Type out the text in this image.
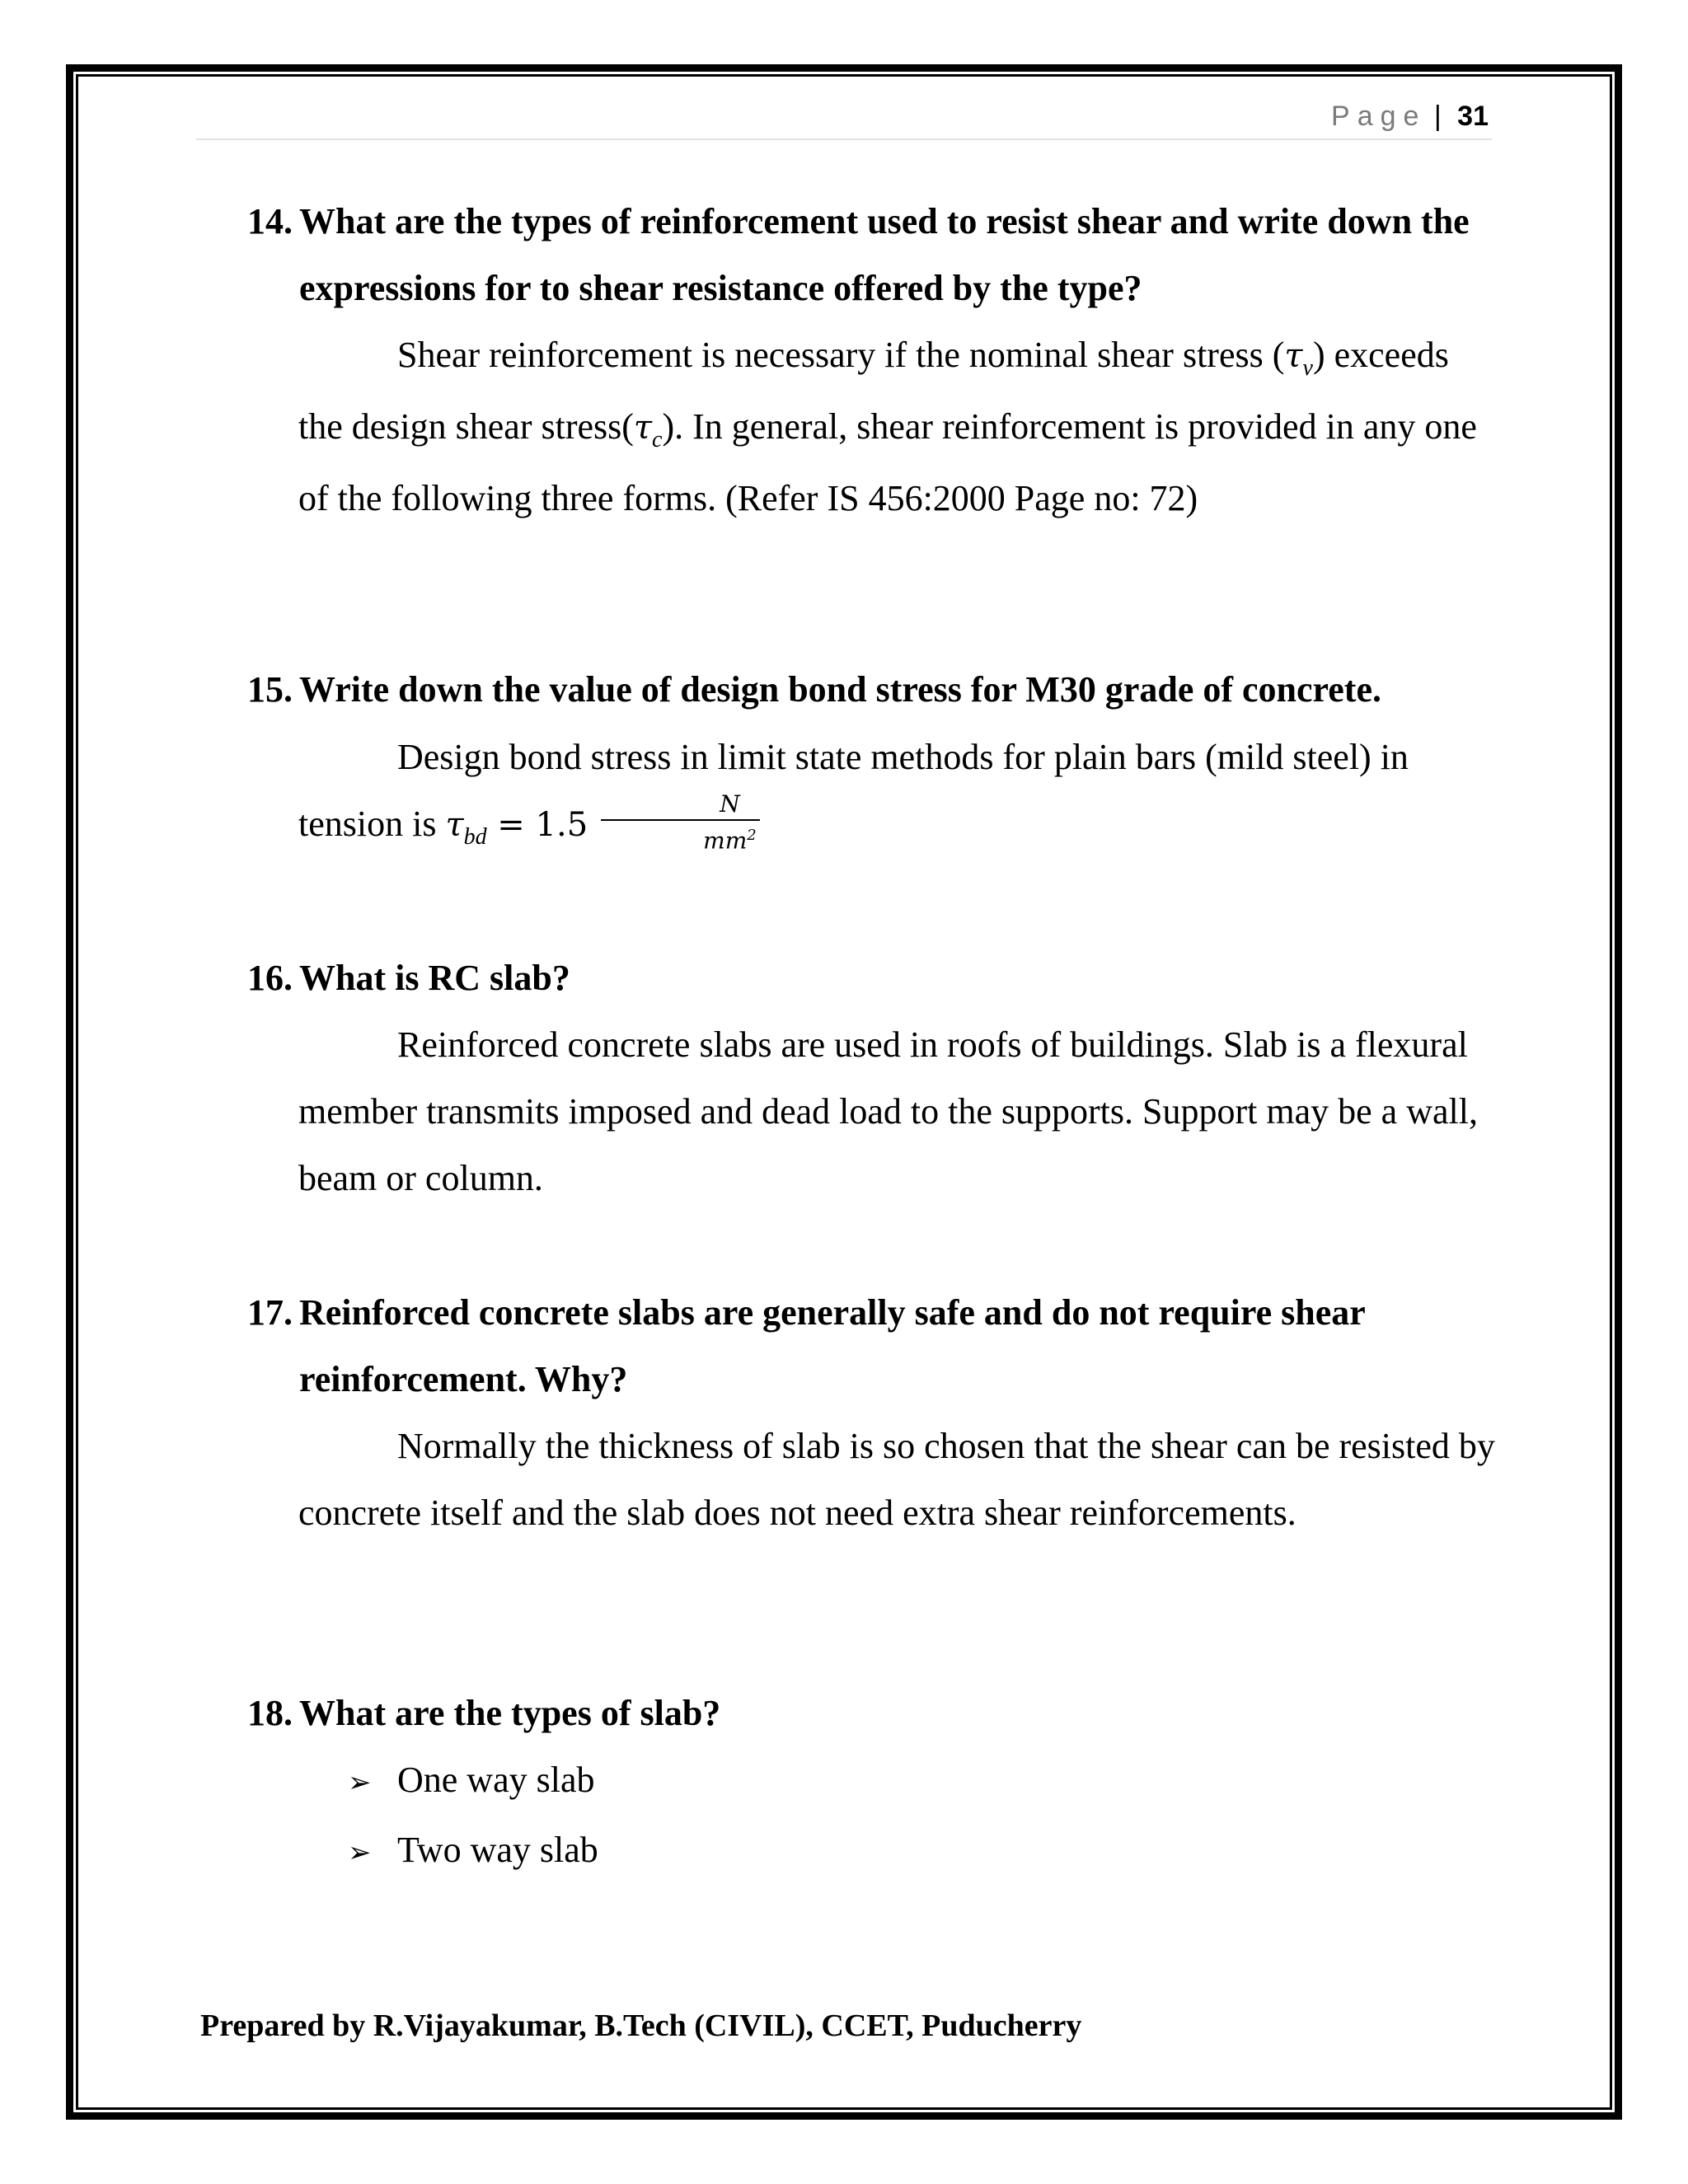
Page | 31
14. What are the types of reinforcement used to resist shear and write down the expressions for to shear resistance offered by the type?
Shear reinforcement is necessary if the nominal shear stress $(\tau_v)$ exceeds the design shear $stress(\tau_c)$. In general, shear reinforcement is provided in any one of the following three forms. (Refer IS 456:2000 Page no: 72)
15. Write down the value of design bond stress for M30 grade of concrete.
Design bond stress in limit state methods for plain bars (mild steel) in tension is $\tau_{bd} = 1.5 \frac{N}{mm^2}$
16. What is RC slab?
Reinforced concrete slabs are used in roofs of buildings. Slab is a flexural member transmits imposed and dead load to the supports. Support may be a wall, beam or column.
17. Reinforced concrete slabs are generally safe and do not require shear reinforcement. Why?
Normally the thickness of slab is so chosen that the shear can be resisted by concrete itself and the slab does not need extra shear reinforcements.
18. What are the types of slab?
➢ One way slab
➢ Two way slab
Prepared by R.Vijayakumar, B.Tech (CIVIL), CCET, Puducherry
